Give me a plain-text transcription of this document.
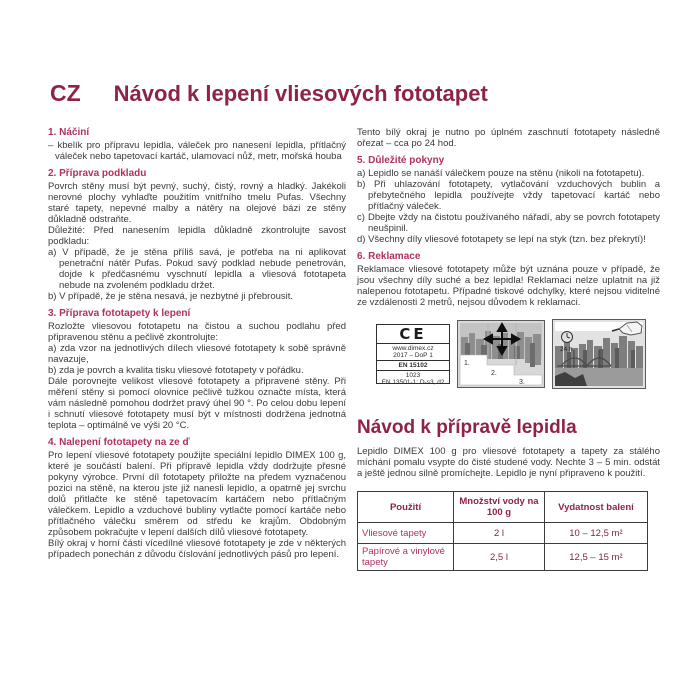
CZ Návod k lepení vliesových fototapet
1. Náčiní

– kbelík pro přípravu lepidla, váleček pro nanesení lepidla, přítlačný váleček nebo tapetovací kartáč, ulamovací nůž, metr, mořská houba

2. Příprava podkladu

Povrch stěny musí být pevný, suchý, čistý, rovný a hladký. Jakékoli nerovné plochy vyhlaďte použitím vnitřního tmelu Pufas. Všechny staré tapety, nepevné malby a nátěry na olejové bázi ze stěny důkladně odstraňte.

Důležité: Před nanesením lepidla důkladně zkontrolujte savost podkladu:

a) V případě, že je stěna příliš savá, je potřeba na ni aplikovat penetrační nátěr Pufas. Pokud savý podklad nebude penetrován, dojde k předčasnému vyschnutí lepidla a vliesová fototapeta nebude na zvoleném podkladu držet.

b) V případě, že je stěna nesavá, je nezbytné ji přebrousit.

3. Příprava fototapety k lepení

Rozložte vliesovou fototapetu na čistou a suchou podlahu před připravenou stěnu a pečlivě zkontrolujte:

a) zda vzor na jednotlivých dílech vliesové fototapety k sobě správně navazuje,

b) zda je povrch a kvalita tisku vliesové fototapety v pořádku.

Dále porovnejte velikost vliesové fototapety a připravené stěny. Při měření stěny si pomocí olovnice pečlivě tužkou označte místa, která vám následně pomohou dodržet pravý úhel 90 °. Po celou dobu lepení i schnutí vliesové fototapety musí být v místnosti dodržena jednotná teplota – optimálně ve výši 20 °C.

4. Nalepení fototapety na ze ď

Pro lepení vliesové fototapety použijte speciální lepidlo DIMEX 100 g, které je součástí balení. Při přípravě lepidla vždy dodržujte přesné pokyny výrobce. První díl fototapety přiložte na předem vyznačenou pozici na stěně, na kterou jste již nanesli lepidlo, a opatrně jej svrchu dolů přitlačte ke stěně tapetovacím kartáčem nebo přítlačným válečkem. Lepidlo a vzduchové bubliny vytlačte pomocí kartáče nebo přítlačného válečku směrem od středu ke krajům. Obdobným způsobem pokračujte v lepení dalších dílů vliesové fototapety.

Bílý okraj v horní části vícedílné vliesové fototapety je zde v některých případech ponechán z důvodu číslování jednotlivých pásů pro lepení.

Tento bílý okraj je nutno po úplném zaschnutí fototapety následně ořezat – cca po 24 hod.

5. Důležité pokyny

a) Lepidlo se nanáší válečkem pouze na stěnu (nikoli na fototapetu).

b) Při uhlazování fototapety, vytlačování vzduchových bublin a přebytečného lepidla používejte vždy tapetovací kartáč nebo přítlačný váleček.

c) Dbejte vždy na čistotu používaného nářadí, aby se povrch fototapety neušpinil.

d) Všechny díly vliesové fototapety se lepí na styk (tzn. bez překrytí)!

6. Reklamace

Reklamace vliesové fototapety může být uznána pouze v případě, že jsou všechny díly suché a bez lepidla! Reklamaci nelze uplatnit na již nalepenou fototapetu. Případné tiskové odchylky, které nejsou viditelné ze vzdálenosti 2 metrů, nejsou důvodem k reklamaci.

CE
www.dimex.cz
2017 – DoP 1
EN 15102
1023
EN 13501-1: D-s3, d2
1.
2.
3.
24 h
Návod k přípravě lepidla

Lepidlo DIMEX 100 g pro vliesové fototapety a tapety za stálého míchání pomalu vsypte do čisté studené vody. Nechte 3 – 5 min. odstát a ještě jednou silně promíchejte. Lepidlo je nyní připraveno k použití.

Použití	Množství vody na 100 g	Vydatnost balení
Vliesové tapety	2 l	10 – 12,5 m²
Papírové a vinylové tapety	2,5 l	12,5 – 15 m²
